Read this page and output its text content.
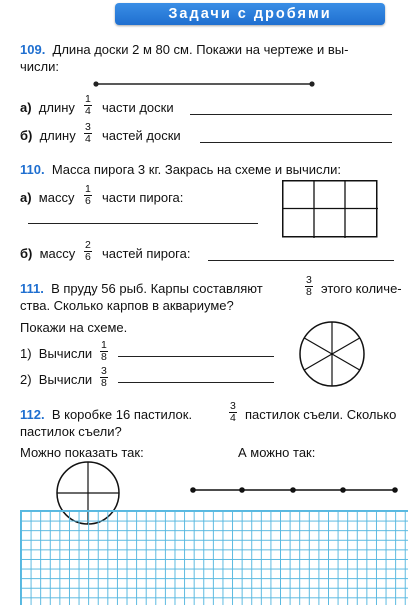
Задачи с дробями
109. Длина доски 2 м 80 см. Покажи на чертеже и вы-
числи:
а) длину $\frac{1}{4}$ части доски
б) длину $\frac{3}{4}$ частей доски
110. Масса пирога 3 кг. Закрась на схеме и вычисли:
а) массу $\frac{1}{6}$ части пирога:
б) массу $\frac{2}{6}$ частей пирога:
111. В пруду 56 рыб. Карпы составляют	$\frac{3}{8}$ этого количе-
ства. Сколько карпов в аквариуме?
Покажи на схеме.
1) Вычисли $\frac{1}{8}$
2) Вычисли $\frac{3}{8}$
112. В коробке 16 пастилок.	$\frac{3}{4}$ пастилок съели. Сколько
пастилок съели?
Можно показать так:	А можно так:
